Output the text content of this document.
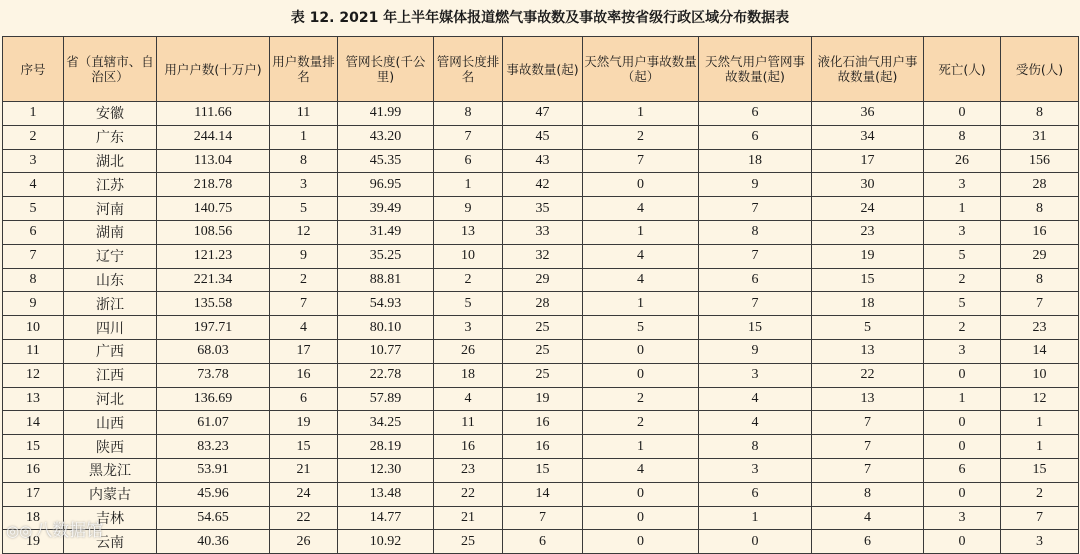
表 12. 2021 年上半年媒体报道燃气事故数及事故率按省级行政区域分布数据表
序号	省（直辖市、自治区）	用户户数(十万户)	用户数量排名	管网长度(千公里)	管网长度排名	事故数量(起)	天然气用户事故数量（起）	天然气用户管网事故数量(起)	液化石油气用户事故数量(起)	死亡(人)	受伤(人)
1	安徽	111.66	11	41.99	8	47	1	6	36	0	8
2	广东	244.14	1	43.20	7	45	2	6	34	8	31
3	湖北	113.04	8	45.35	6	43	7	18	17	26	156
4	江苏	218.78	3	96.95	1	42	0	9	30	3	28
5	河南	140.75	5	39.49	9	35	4	7	24	1	8
6	湖南	108.56	12	31.49	13	33	1	8	23	3	16
7	辽宁	121.23	9	35.25	10	32	4	7	19	5	29
8	山东	221.34	2	88.81	2	29	4	6	15	2	8
9	浙江	135.58	7	54.93	5	28	1	7	18	5	7
10	四川	197.71	4	80.10	3	25	5	15	5	2	23
11	广西	68.03	17	10.77	26	25	0	9	13	3	14
12	江西	73.78	16	22.78	18	25	0	3	22	0	10
13	河北	136.69	6	57.89	4	19	2	4	13	1	12
14	山西	61.07	19	34.25	11	16	2	4	7	0	1
15	陕西	83.23	15	28.19	16	16	1	8	7	0	1
16	黑龙江	53.91	21	12.30	23	15	4	3	7	6	15
17	内蒙古	45.96	24	13.48	22	14	0	6	8	0	2
18	吉林	54.65	22	14.77	21	7	0	1	4	3	7
19	云南	40.36	26	10.92	25	6	0	0	6	0	3
◎◎ 八数据馆
